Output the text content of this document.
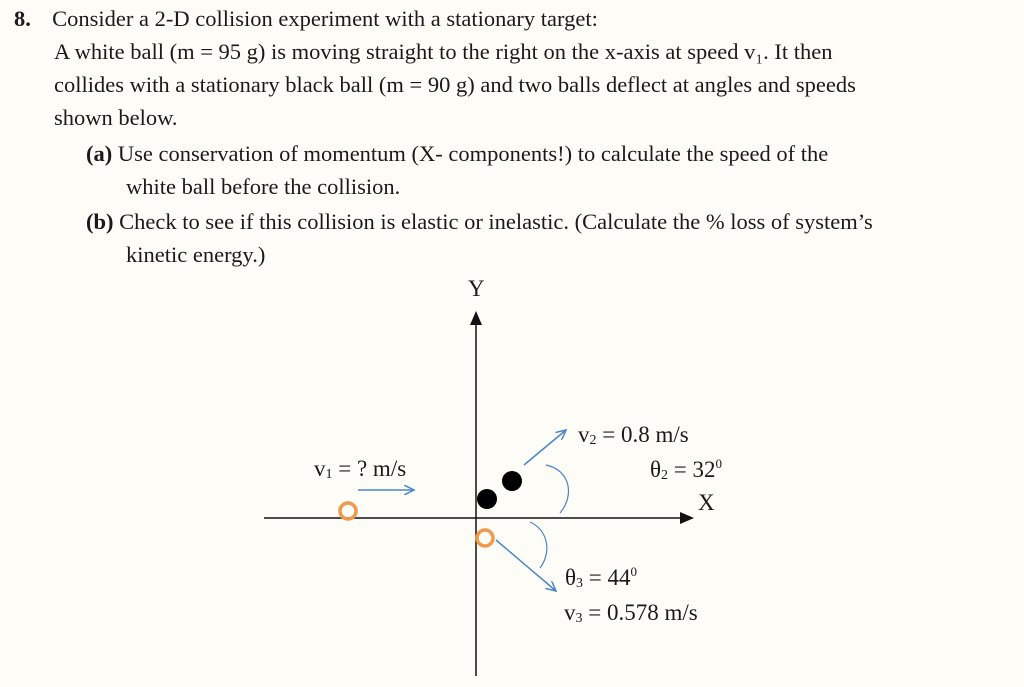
8. Consider a 2-D collision experiment with a stationary target:
A white ball (m = 95 g) is moving straight to the right on the x-axis at speed v₁. It then
collides with a stationary black ball (m = 90 g) and two balls deflect at angles and speeds
shown below.
(a) Use conservation of momentum (X- components!) to calculate the speed of the
white ball before the collision.
(b) Check to see if this collision is elastic or inelastic. (Calculate the % loss of system’s
kinetic energy.)
Y
X
$v_1$ = ? m/s
$v_2 = 0.8$ m/s
$\theta_2 = 32^0$
$\theta_3 = 44^0$
$v_3 = 0.578$ m/s
